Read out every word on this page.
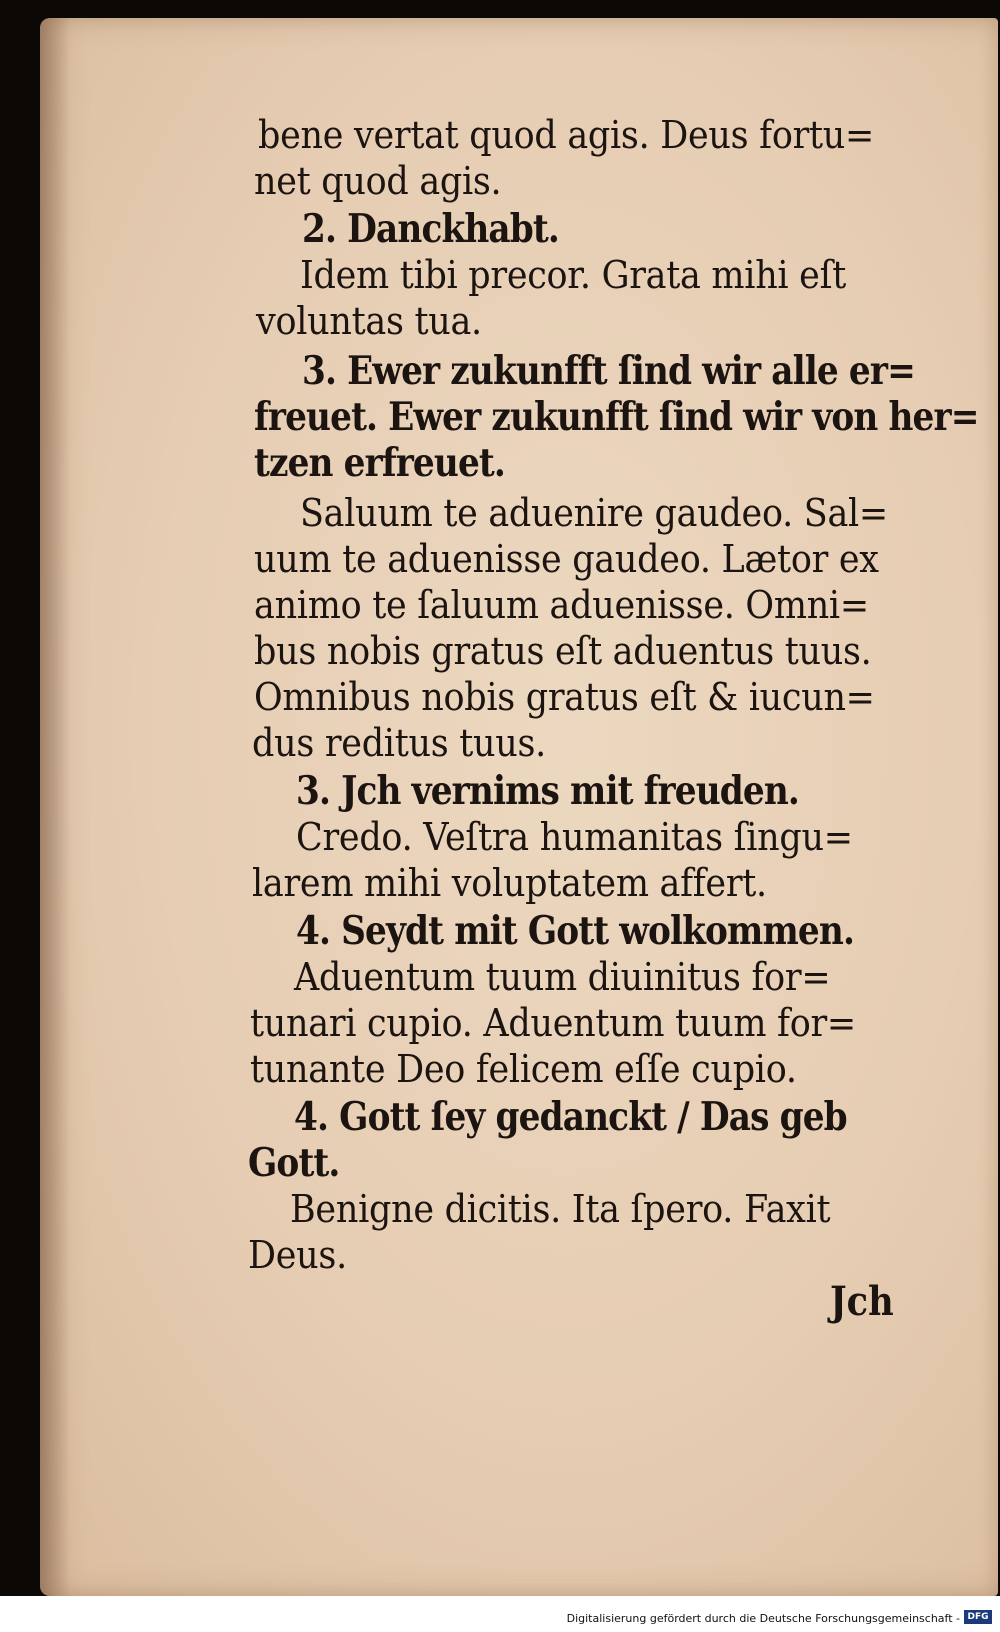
bene vertat quod agis. Deus fortu=
net quod agis.
2. Danckhabt.
Idem tibi precor. Grata mihi eſt
voluntas tua.
3. Ewer zukunfft ſind wir alle er=
freuet. Ewer zukunfft ſind wir von her=
tzen erfreuet.
Saluum te aduenire gaudeo. Sal=
uum te aduenisse gaudeo. Lætor ex
animo te ſaluum aduenisse. Omni=
bus nobis gratus eſt aduentus tuus.
Omnibus nobis gratus eſt & iucun=
dus reditus tuus.
3. Jch vernims mit freuden.
Credo. Veſtra humanitas ſingu=
larem mihi voluptatem affert.
4. Seydt mit Gott wolkommen.
Aduentum tuum diuinitus for=
tunari cupio. Aduentum tuum for=
tunante Deo felicem eſſe cupio.
4. Gott ſey gedanckt / Das geb
Gott.
Benigne dicitis. Ita ſpero. Faxit
Deus.
Jch
Digitalisierung gefördert durch die Deutsche Forschungsgemeinschaft - DFG
